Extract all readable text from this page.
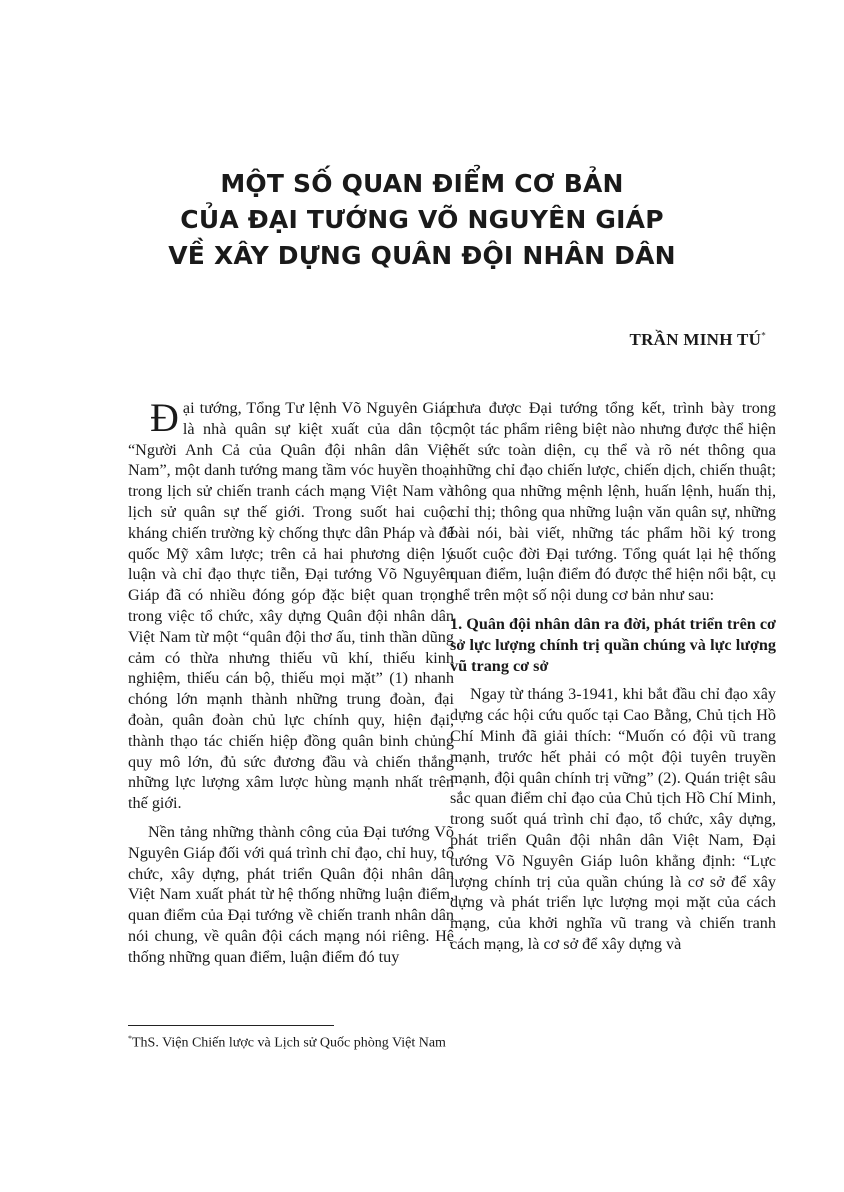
MỘT SỐ QUAN ĐIỂM CƠ BẢN
CỦA ĐẠI TƯỚNG VÕ NGUYÊN GIÁP
VỀ XÂY DỰNG QUÂN ĐỘI NHÂN DÂN
TRẦN MINH TÚ*

Đại tướng, Tổng Tư lệnh Võ Nguyên Giáp là nhà quân sự kiệt xuất của dân tộc, “Người Anh Cả của Quân đội nhân dân Việt Nam”, một danh tướng mang tầm vóc huyền thoại trong lịch sử chiến tranh cách mạng Việt Nam và lịch sử quân sự thế giới. Trong suốt hai cuộc kháng chiến trường kỳ chống thực dân Pháp và đế quốc Mỹ xâm lược; trên cả hai phương diện lý luận và chỉ đạo thực tiễn, Đại tướng Võ Nguyên Giáp đã có nhiều đóng góp đặc biệt quan trọng trong việc tổ chức, xây dựng Quân đội nhân dân Việt Nam từ một “quân đội thơ ấu, tinh thần dũng cảm có thừa nhưng thiếu vũ khí, thiếu kinh nghiệm, thiếu cán bộ, thiếu mọi mặt” (1) nhanh chóng lớn mạnh thành những trung đoàn, đại đoàn, quân đoàn chủ lực chính quy, hiện đại, thành thạo tác chiến hiệp đồng quân binh chủng quy mô lớn, đủ sức đương đầu và chiến thắng những lực lượng xâm lược hùng mạnh nhất trên thế giới.

Nền tảng những thành công của Đại tướng Võ Nguyên Giáp đối với quá trình chỉ đạo, chỉ huy, tổ chức, xây dựng, phát triển Quân đội nhân dân Việt Nam xuất phát từ hệ thống những luận điểm, quan điểm của Đại tướng về chiến tranh nhân dân nói chung, về quân đội cách mạng nói riêng. Hệ thống những quan điểm, luận điểm đó tuy

chưa được Đại tướng tổng kết, trình bày trong một tác phẩm riêng biệt nào nhưng được thể hiện hết sức toàn diện, cụ thể và rõ nét thông qua những chỉ đạo chiến lược, chiến dịch, chiến thuật; thông qua những mệnh lệnh, huấn lệnh, huấn thị, chỉ thị; thông qua những luận văn quân sự, những bài nói, bài viết, những tác phẩm hồi ký trong suốt cuộc đời Đại tướng. Tổng quát lại hệ thống quan điểm, luận điểm đó được thể hiện nổi bật, cụ thể trên một số nội dung cơ bản như sau:

1. Quân đội nhân dân ra đời, phát triển trên cơ sở lực lượng chính trị quần chúng và lực lượng vũ trang cơ sở

Ngay từ tháng 3-1941, khi bắt đầu chỉ đạo xây dựng các hội cứu quốc tại Cao Bằng, Chủ tịch Hồ Chí Minh đã giải thích: “Muốn có đội vũ trang mạnh, trước hết phải có một đội tuyên truyền mạnh, đội quân chính trị vững” (2). Quán triệt sâu sắc quan điểm chỉ đạo của Chủ tịch Hồ Chí Minh, trong suốt quá trình chỉ đạo, tổ chức, xây dựng, phát triển Quân đội nhân dân Việt Nam, Đại tướng Võ Nguyên Giáp luôn khẳng định: “Lực lượng chính trị của quần chúng là cơ sở để xây dựng và phát triển lực lượng mọi mặt của cách mạng, của khởi nghĩa vũ trang và chiến tranh cách mạng, là cơ sở để xây dựng và

*ThS. Viện Chiến lược và Lịch sử Quốc phòng Việt Nam
